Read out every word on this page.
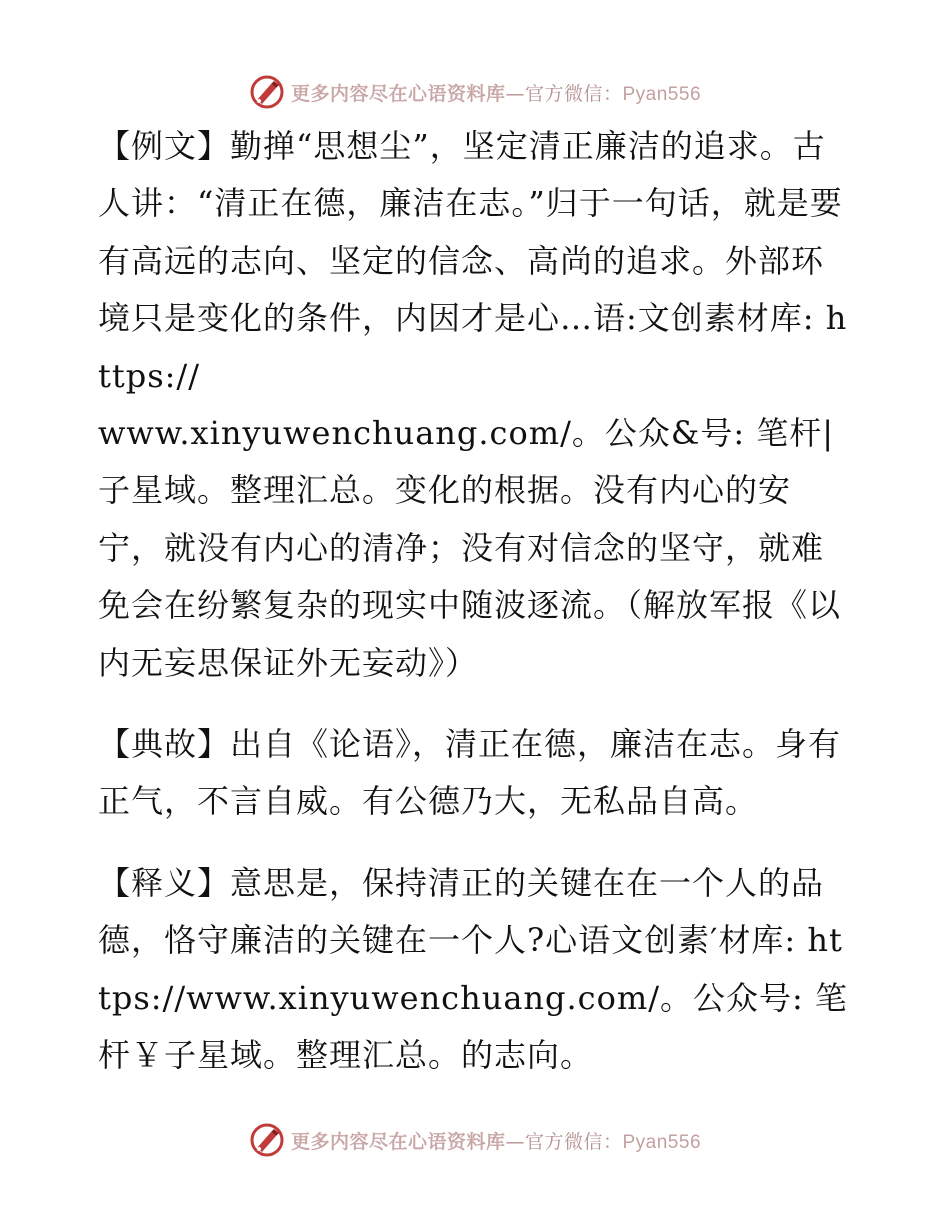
更多内容尽在心语资料库—官方微信：Pyan556

【例文】勤掸“思想尘”，坚定清正廉洁的追求。古人讲：“清正在德，廉洁在志。”归于一句话，就是要有高远的志向、坚定的信念、高尚的追求。外部环境只是变化的条件，内因才是心…语:文创素材库: https://
www.xinyuwenchuang.com/。公众&号: 笔杆|子星域。整理汇总。变化的根据。没有内心的安宁，就没有内心的清净；没有对信念的坚守，就难免会在纷繁复杂的现实中随波逐流。（解放军报《以内无妄思保证外无妄动》）

【典故】出自《论语》，清正在德，廉洁在志。身有正气，不言自威。有公德乃大，无私品自高。

【释义】意思是，保持清正的关键在在一个人的品德，恪守廉洁的关键在一个人?心语文创素′材库: https://www.xinyuwenchuang.com/。公众号: 笔杆￥子星域。整理汇总。的志向。

更多内容尽在心语资料库—官方微信：Pyan556
